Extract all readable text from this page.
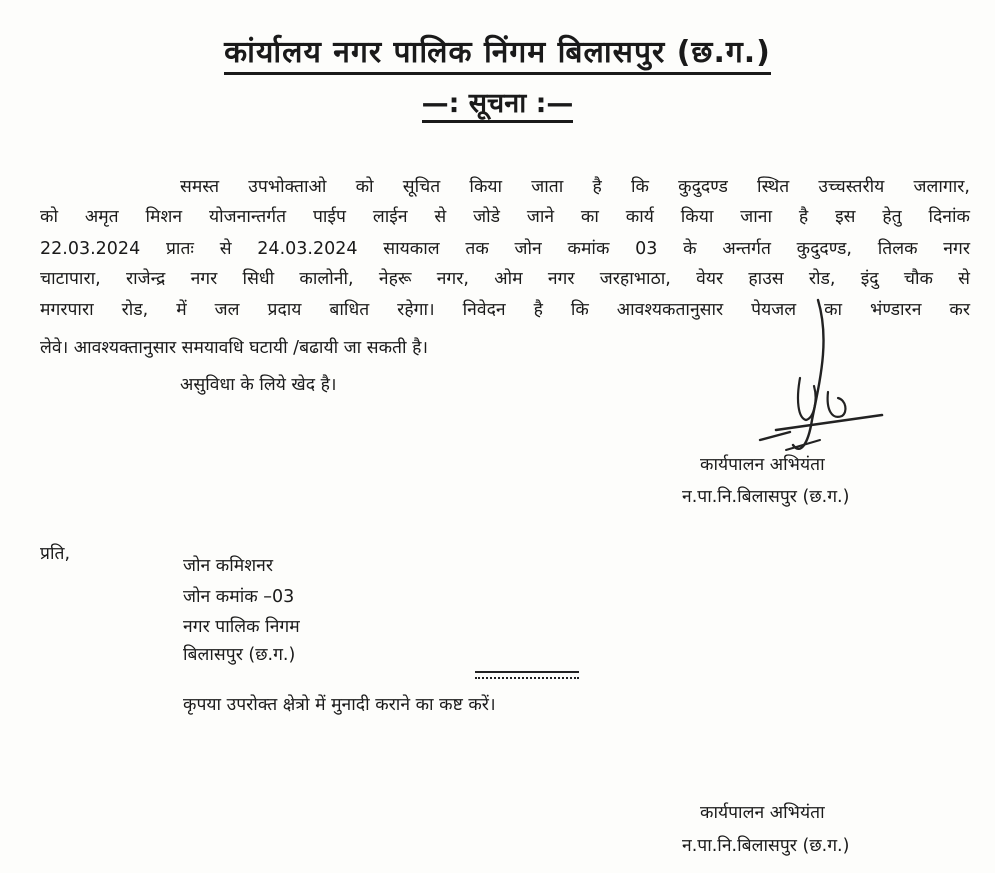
कांर्यालय नगर पालिक निंगम बिलासपुर (छ.ग.)
—: सूचना :—
समस्त उपभोक्ताओ को सूचित किया जाता है कि कुदुदण्ड स्थित उच्चस्तरीय जलागार,
को अमृत मिशन योजनान्तर्गत पाईप लाईन से जोडे जाने का कार्य किया जाना है इस हेतु दिनांक
22.03.2024 प्रातः से 24.03.2024 सायकाल तक जोन कमांक 03 के अन्तर्गत कुदुदण्ड, तिलक नगर
चाटापारा, राजेन्द्र नगर सिधी कालोनी, नेहरू नगर, ओम नगर जरहाभाठा, वेयर हाउस रोड, इंदु चौक से
मगरपारा रोड, में जल प्रदाय बाधित रहेगा। निवेदन है कि आवश्यकतानुसार पेयजल का भंण्डारन कर
लेवे। आवश्यक्तानुसार समयावधि घटायी /बढायी जा सकती है।
असुविधा के लिये खेद है।
कार्यपालन अभियंता
न.पा.नि.बिलासपुर (छ.ग.)
प्रति,
जोन कमिशनर
जोन कमांक –03
नगर पालिक निगम
बिलासपुर (छ.ग.)
कृपया उपरोक्त क्षेत्रो में मुनादी कराने का कष्ट करें।
कार्यपालन अभियंता
न.पा.नि.बिलासपुर (छ.ग.)
